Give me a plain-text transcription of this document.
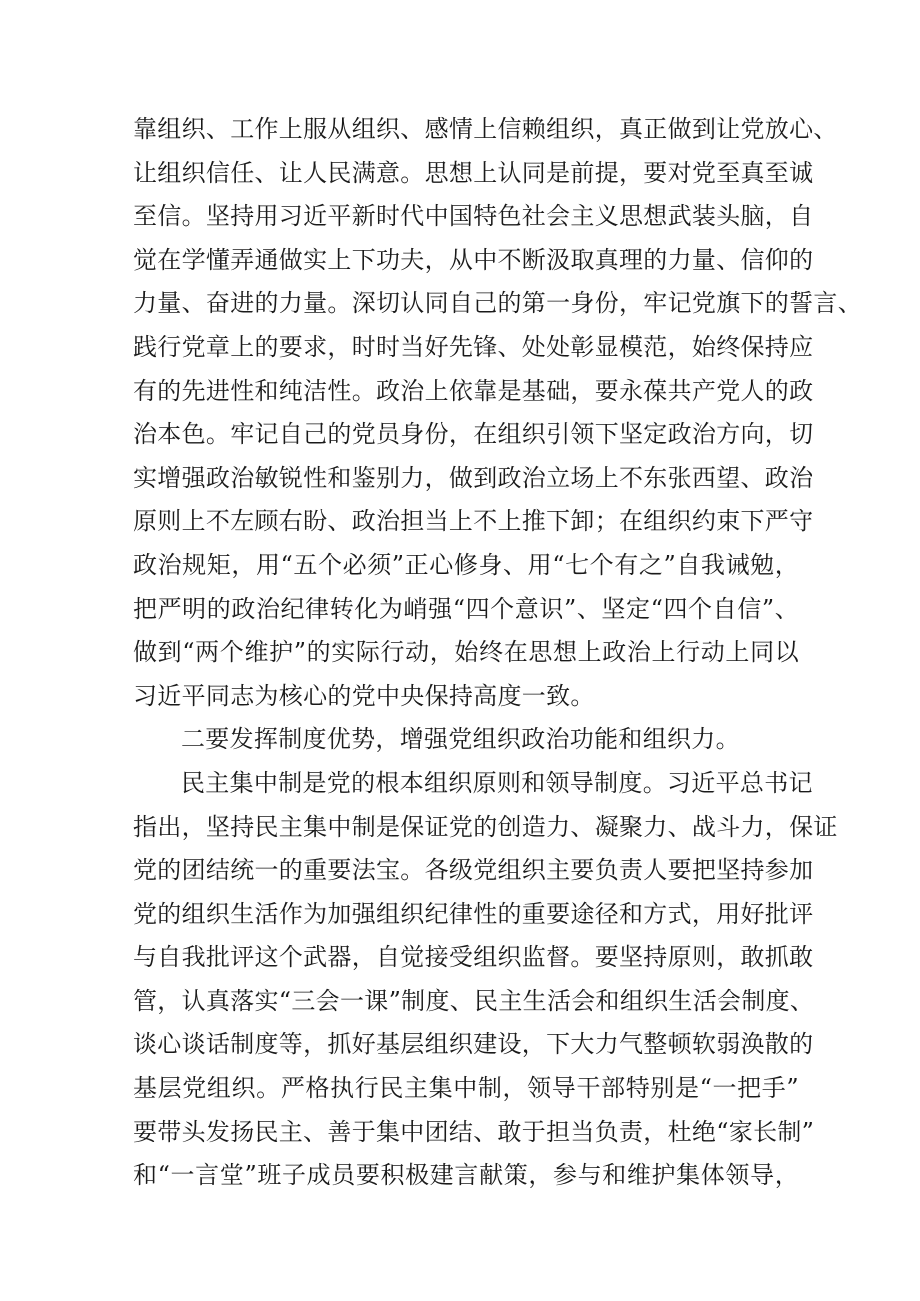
靠组织、工作上服从组织、感情上信赖组织，真正做到让党放心、
让组织信任、让人民满意。思想上认同是前提，要对党至真至诚
至信。坚持用习近平新时代中国特色社会主义思想武装头脑，自
觉在学懂弄通做实上下功夫，从中不断汲取真理的力量、信仰的
力量、奋进的力量。深切认同自己的第一身份，牢记党旗下的誓言、
践行党章上的要求，时时当好先锋、处处彰显模范，始终保持应
有的先进性和纯洁性。政治上依靠是基础，要永葆共产党人的政
治本色。牢记自己的党员身份，在组织引领下坚定政治方向，切
实增强政治敏锐性和鉴别力，做到政治立场上不东张西望、政治
原则上不左顾右盼、政治担当上不上推下卸；在组织约束下严守
政治规矩，用“五个必须”正心修身、用“七个有之”自我诫勉，
把严明的政治纪律转化为峭强“四个意识”、坚定“四个自信”、
做到“两个维护”的实际行动，始终在思想上政治上行动上同以
习近平同志为核心的党中央保持高度一致。
二要发挥制度优势，增强党组织政治功能和组织力。
民主集中制是党的根本组织原则和领导制度。习近平总书记
指出，坚持民主集中制是保证党的创造力、凝聚力、战斗力，保证
党的团结统一的重要法宝。各级党组织主要负责人要把坚持参加
党的组织生活作为加强组织纪律性的重要途径和方式，用好批评
与自我批评这个武器，自觉接受组织监督。要坚持原则，敢抓敢
管，认真落实“三会一课”制度、民主生活会和组织生活会制度、
谈心谈话制度等，抓好基层组织建设，下大力气整顿软弱涣散的
基层党组织。严格执行民主集中制，领导干部特别是“一把手”
要带头发扬民主、善于集中团结、敢于担当负责，杜绝“家长制”
和“一言堂”班子成员要积极建言献策，参与和维护集体领导，
